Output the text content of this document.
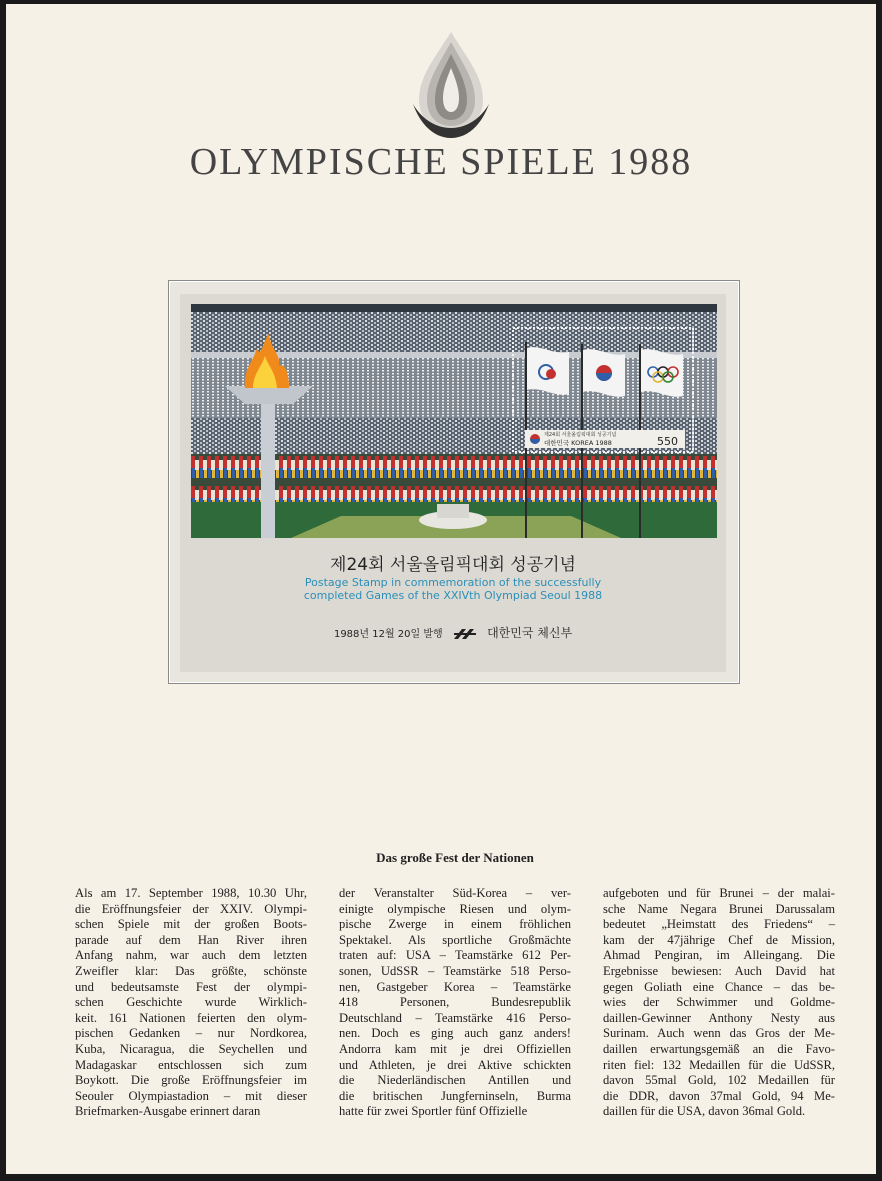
OLYMPISCHE SPIELE 1988
제24회 서울올림픽대회 성공기념
대한민국 KOREA 1988	550
제24회 서울올림픽대회 성공기념
Postage Stamp in commemoration of the successfully
completed Games of the XXIVth Olympiad Seoul 1988
1988년 12월 20일 발행	대한민국 체신부
Das große Fest der Nationen
Als am 17. September 1988, 10.30 Uhr,
die Eröffnungsfeier der XXIV. Olympi-
schen Spiele mit der großen Boots-
parade auf dem Han River ihren
Anfang nahm, war auch dem letzten
Zweifler klar: Das größte, schönste
und bedeutsamste Fest der olympi-
schen Geschichte wurde Wirklich-
keit. 161 Nationen feierten den olym-
pischen Gedanken – nur Nordkorea,
Kuba, Nicaragua, die Seychellen und
Madagaskar entschlossen sich zum
Boykott. Die große Eröffnungsfeier im
Seouler Olympiastadion – mit dieser
Briefmarken-Ausgabe erinnert daran
der Veranstalter Süd-Korea – ver-
einigte olympische Riesen und olym-
pische Zwerge in einem fröhlichen
Spektakel. Als sportliche Großmächte
traten auf: USA – Teamstärke 612 Per-
sonen, UdSSR – Teamstärke 518 Perso-
nen, Gastgeber Korea – Teamstärke
418 Personen, Bundesrepublik
Deutschland – Teamstärke 416 Perso-
nen. Doch es ging auch ganz anders!
Andorra kam mit je drei Offiziellen
und Athleten, je drei Aktive schickten
die Niederländischen Antillen und
die britischen Jungferninseln, Burma
hatte für zwei Sportler fünf Offizielle
aufgeboten und für Brunei – der malai-
sche Name Negara Brunei Darussalam
bedeutet „Heimstatt des Friedens“ –
kam der 47jährige Chef de Mission,
Ahmad Pengiran, im Alleingang. Die
Ergebnisse bewiesen: Auch David hat
gegen Goliath eine Chance – das be-
wies der Schwimmer und Goldme-
daillen-Gewinner Anthony Nesty aus
Surinam. Auch wenn das Gros der Me-
daillen erwartungsgemäß an die Favo-
riten fiel: 132 Medaillen für die UdSSR,
davon 55mal Gold, 102 Medaillen für
die DDR, davon 37mal Gold, 94 Me-
daillen für die USA, davon 36mal Gold.
